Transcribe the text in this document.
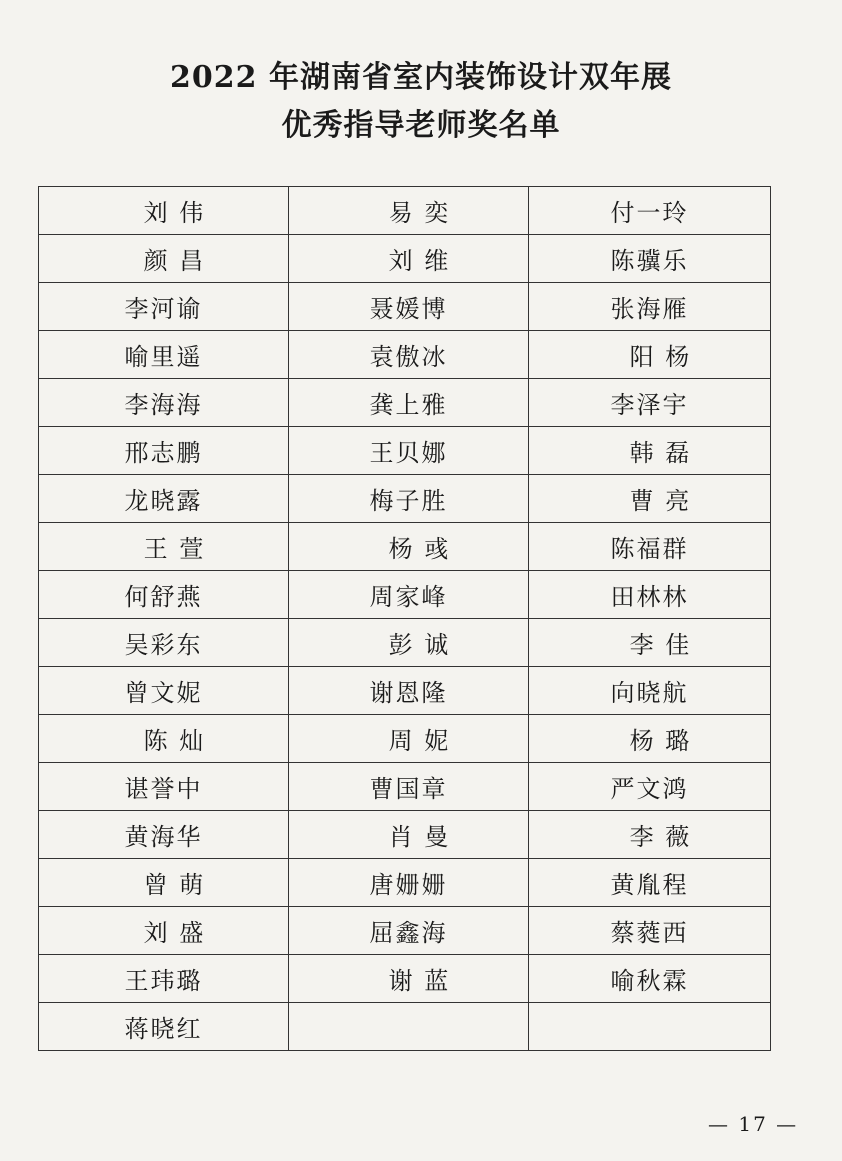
2022 年湖南省室内装饰设计双年展
优秀指导老师奖名单
刘 伟	易 奕	付一玲
颜 昌	刘 维	陈骥乐
李河谕	聂媛博	张海雁
喻里遥	袁傲冰	阳 杨
李海海	龚上雅	李泽宇
邢志鹏	王贝娜	韩 磊
龙晓露	梅子胜	曹 亮
王 萱	杨 彧	陈福群
何舒燕	周家峰	田林林
吴彩东	彭 诚	李 佳
曾文妮	谢恩隆	向晓航
陈 灿	周 妮	杨 璐
谌誉中	曹国章	严文鸿
黄海华	肖 曼	李 薇
曾 萌	唐姗姗	黄胤程
刘 盛	屈鑫海	蔡蕤西
王玮璐	谢 蓝	喻秋霖
蒋晓红		
— 17 —
